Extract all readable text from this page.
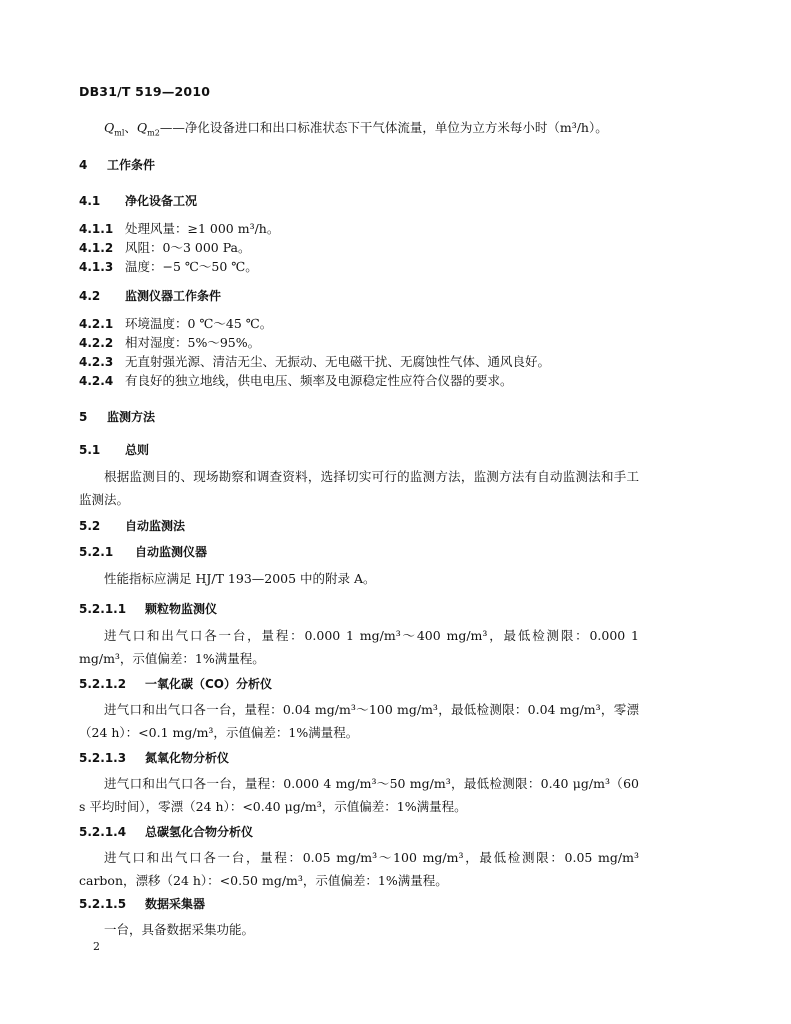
DB31/T 519—2010
$Q_{ml}$、$Q_{m2}——$净化设备进口和出口标准状态下干气体流量，单位为立方米每小时（m³/h）。
4 工作条件
4.1 净化设备工况
4.1.1 处理风量：≥1 000 m³/h。
4.1.2 风阻：0～3 000 Pa。
4.1.3 温度：−5 ℃～50 ℃。
4.2 监测仪器工作条件
4.2.1 环境温度：0 ℃～45 ℃。
4.2.2 相对湿度：5%～95%。
4.2.3 无直射强光源、清洁无尘、无振动、无电磁干扰、无腐蚀性气体、通风良好。
4.2.4 有良好的独立地线，供电电压、频率及电源稳定性应符合仪器的要求。
5 监测方法
5.1 总则
根据监测目的、现场勘察和调查资料，选择切实可行的监测方法，监测方法有自动监测法和手工监测法。
5.2 自动监测法
5.2.1 自动监测仪器
性能指标应满足 HJ/T 193—2005 中的附录 A。
5.2.1.1 颗粒物监测仪
进气口和出气口各一台，量程：0.000 1 mg/m³～400 mg/m³，最低检测限：0.000 1 mg/m³，示值偏差：1%满量程。
5.2.1.2 一氧化碳（CO）分析仪
进气口和出气口各一台，量程：0.04 mg/m³～100 mg/m³，最低检测限：0.04 mg/m³，零漂（24 h）：<0.1 mg/m³，示值偏差：1%满量程。
5.2.1.3 氮氧化物分析仪
进气口和出气口各一台，量程：0.000 4 mg/m³～50 mg/m³，最低检测限：0.40 μg/m³（60 s 平均时间），零漂（24 h）：<0.40 μg/m³，示值偏差：1%满量程。
5.2.1.4 总碳氢化合物分析仪
进气口和出气口各一台，量程：0.05 mg/m³～100 mg/m³，最低检测限：0.05 mg/m³ carbon，漂移（24 h）：<0.50 mg/m³，示值偏差：1%满量程。
5.2.1.5 数据采集器
一台，具备数据采集功能。
2
